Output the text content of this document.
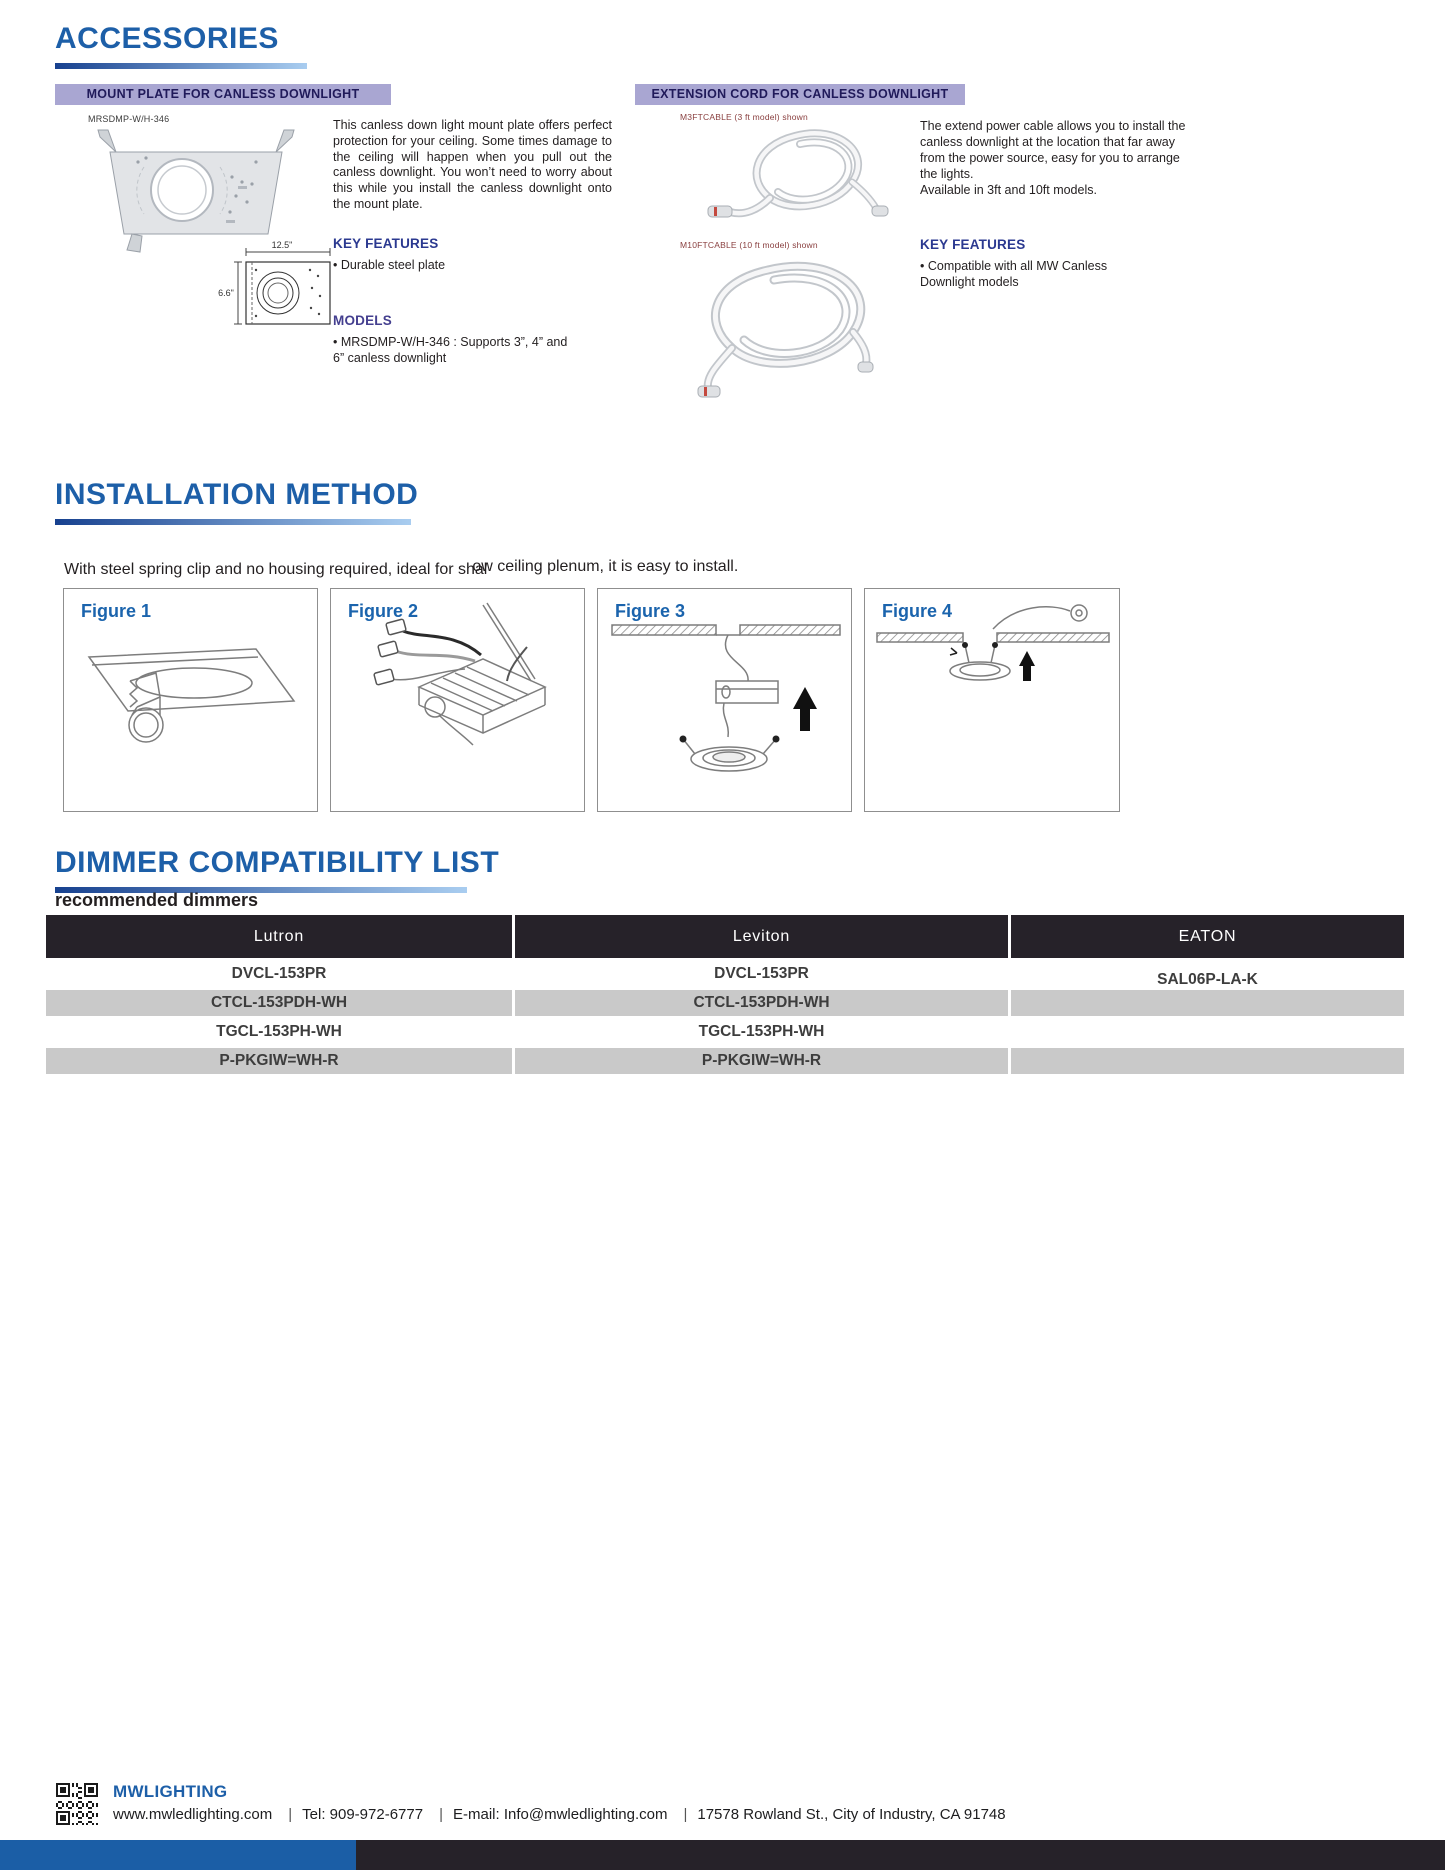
ACCESSORIES
MOUNT PLATE FOR CANLESS DOWNLIGHT	EXTENSION CORD FOR CANLESS DOWNLIGHT
MRSDMP-W/H-346
12.5"
6.6"
This canless down light mount plate offers perfect protection for your ceiling. Some times damage to the ceiling will happen when you pull out the canless downlight. You won’t need to worry about this while you install the canless downlight onto the mount plate.
KEY FEATURES
• Durable steel plate
MODELS
• MRSDMP-W/H-346 : Supports 3”, 4” and 6” canless downlight
M3FTCABLE (3 ft model) shown
The extend power cable allows you to install the canless downlight at the location that far away from the power source, easy for you to arrange the lights.
Available in 3ft and 10ft models.
KEY FEATURES
• Compatible with all MW Canless Downlight models
M10FTCABLE (10 ft model) shown
INSTALLATION METHOD
With steel spring clip and no housing required, ideal for shalow ceiling plenum, it is easy to install.
Figure 1	Figure 2	Figure 3	Figure 4
DIMMER COMPATIBILITY LIST
recommended dimmers
Lutron	Leviton	EATON
DVCL-153PR	DVCL-153PR	SAL06P-LA-K
CTCL-153PDH-WH	CTCL-153PDH-WH
TGCL-153PH-WH	TGCL-153PH-WH
P-PKGIW=WH-R	P-PKGIW=WH-R
MWLIGHTING
www.mwledlighting.com | Tel: 909-972-6777 | E-mail: Info@mwledlighting.com | 17578 Rowland St., City of Industry, CA 91748
